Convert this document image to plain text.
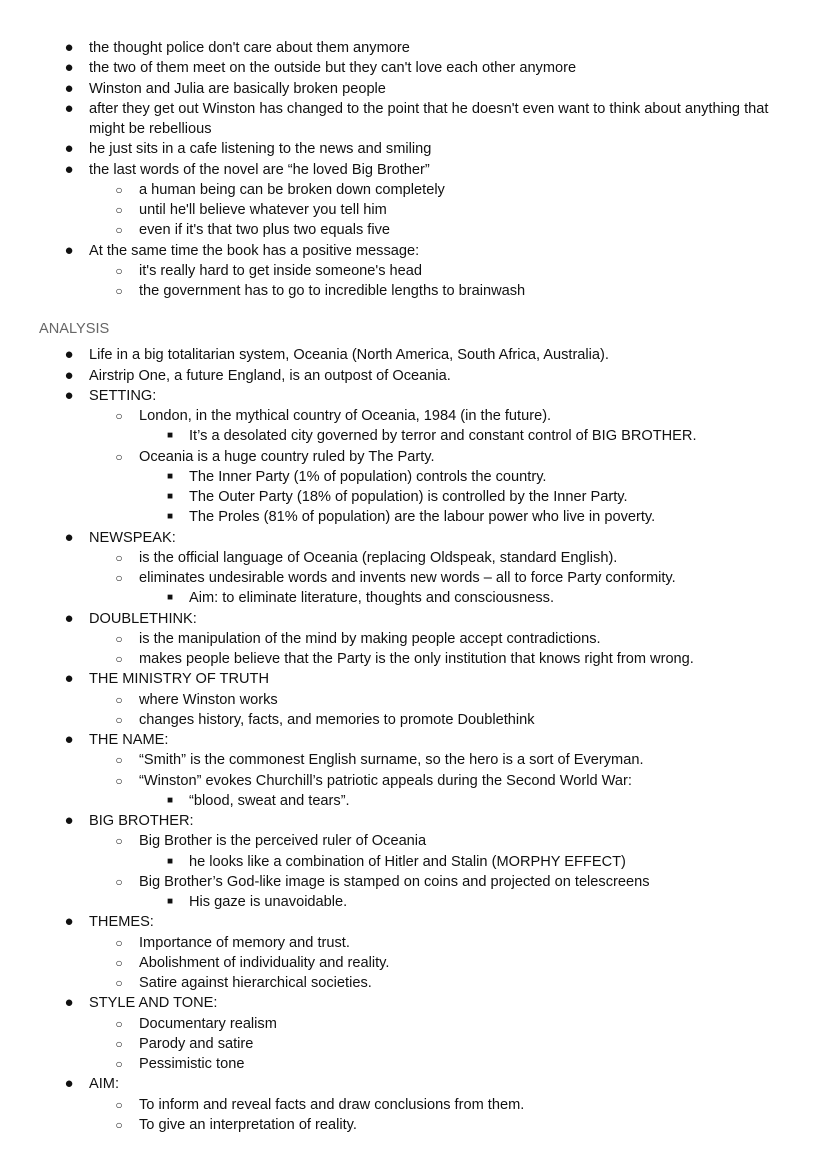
● the thought police don't care about them anymore
● the two of them meet on the outside but they can't love each other anymore
● Winston and Julia are basically broken people
● after they get out Winston has changed to the point that he doesn't even want to think about anything that might be rebellious
● he just sits in a cafe listening to the news and smiling
● the last words of the novel are “he loved Big Brother”
○ a human being can be broken down completely
○ until he'll believe whatever you tell him
○ even if it's that two plus two equals five
● At the same time the book has a positive message:
○ it's really hard to get inside someone's head
○ the government has to go to incredible lengths to brainwash
ANALYSIS
● Life in a big totalitarian system, Oceania (North America, South Africa, Australia).
● Airstrip One, a future England, is an outpost of Oceania.
● SETTING:
○ London, in the mythical country of Oceania, 1984 (in the future).
■ It’s a desolated city governed by terror and constant control of BIG BROTHER.
○ Oceania is a huge country ruled by The Party.
■ The Inner Party (1% of population) controls the country.
■ The Outer Party (18% of population) is controlled by the Inner Party.
■ The Proles (81% of population) are the labour power who live in poverty.
● NEWSPEAK:
○ is the official language of Oceania (replacing Oldspeak, standard English).
○ eliminates undesirable words and invents new words – all to force Party conformity.
■ Aim: to eliminate literature, thoughts and consciousness.
● DOUBLETHINK:
○ is the manipulation of the mind by making people accept contradictions.
○ makes people believe that the Party is the only institution that knows right from wrong.
● THE MINISTRY OF TRUTH
○ where Winston works
○ changes history, facts, and memories to promote Doublethink
● THE NAME:
○ “Smith” is the commonest English surname, so the hero is a sort of Everyman.
○ “Winston” evokes Churchill’s patriotic appeals during the Second World War:
■ “blood, sweat and tears”.
● BIG BROTHER:
○ Big Brother is the perceived ruler of Oceania
■ he looks like a combination of Hitler and Stalin (MORPHY EFFECT)
○ Big Brother’s God-like image is stamped on coins and projected on telescreens
■ His gaze is unavoidable.
● THEMES:
○ Importance of memory and trust.
○ Abolishment of individuality and reality.
○ Satire against hierarchical societies.
● STYLE AND TONE:
○ Documentary realism
○ Parody and satire
○ Pessimistic tone
● AIM:
○ To inform and reveal facts and draw conclusions from them.
○ To give an interpretation of reality.
